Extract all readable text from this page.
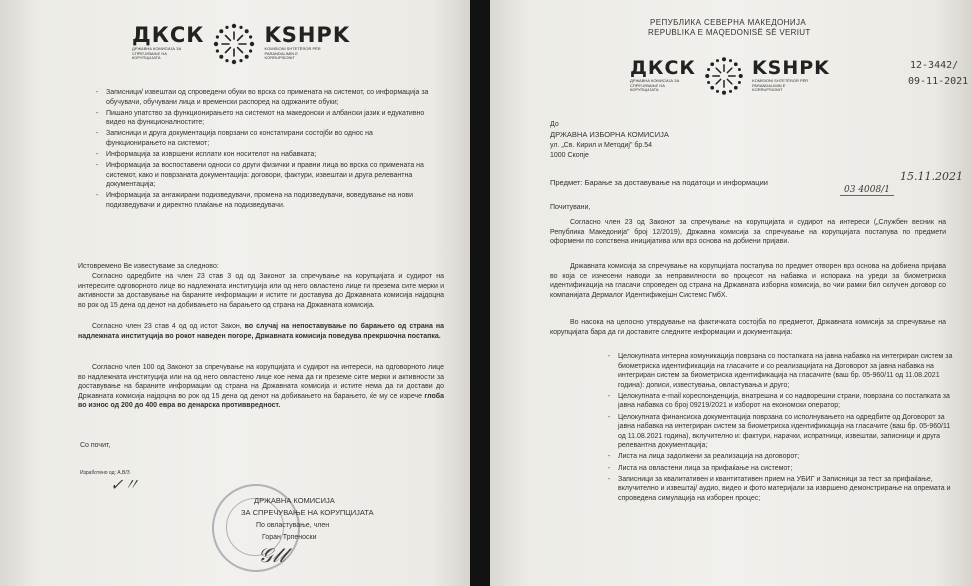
ДКСК
ДРЖАВНА КОМИСИЈА ЗА СПРЕЧУВАЊЕ НА КОРУПЦИЈАТА
KSHPK
KOMISIONI SHTETËROR PËR PARANDALIMIN E KORRUPSIONIT
- Записници/ извештаи од спроведени обуки во врска со примената на системот, со информација за обучувачи, обучувани лица и временски распоред на одржаните обуки;
- Пишано упатство за функционирањето на системот на македонски и албански јазик и едукативно видео на функционалностите;
- Записници и друга документација поврзани со констатирани состојби во однос на функционирањето на системот;
- Информација за извршени исплати кон носителот на набавката;
- Информација за воспоставени односи со други физички и правни лица во врска со примената на системот, како и поврзаната документација: договори, фактури, извештаи и друга релевантна документација;
- Информација за ангажирани подизведувачи, промена на подизведувачи, воведување на нови подизведувачи и директно плаќање на подизведувачи.
Истовремено Ве известуваме за следново:
Согласно одредбите на член 23 став 3 од од Законот за спречување на корупцијата и судирот на интересите одговорното лице во надлежната институција или од него овластено лице ги презема сите мерки и активности за доставување на бараните информации и истите ги доставува до Државната комисија најдоцна во рок од 15 дена од денот на добивањето на барањето од страна на Државната комисија.
Согласно член 23 став 4 од од истот Закон, во случај на непоставување по барањето од страна на надлежната институција во рокот наведен погоре, Државната комисија поведува прекршочна постапка.
Согласно член 100 од Законот за спречување на корупцијата и судирот на интереси, на одговорното лице во надлежната институција или на од него овластено лице кое нема да ги преземе сите мерки и активности за доставување на бараните информации од страна на Државната комисија и истите нема да ги достави до Државната комисија најдоцна во рок од 15 дена од денот на добивањето на барањето, ќе му се изрече глоба во износ од 200 до 400 евра во денарска противвредност.
Со почит,
Изработено од: А.В/З
✓〃
ДРЖАВНА КОМИСИЈА
ЗА СПРЕЧУВАЊЕ НА КОРУПЦИЈАТА
По овластување, член
Горан Трпеноски
𝒢𝓁𝓁
РЕПУБЛИКА СЕВЕРНА МАКЕДОНИЈА
REPUBLIKA E MAQEDONISË SË VERIUT
ДКСК
ДРЖАВНА КОМИСИЈА ЗА СПРЕЧУВАЊЕ НА КОРУПЦИЈАТА
KSHPK
KOMISIONI SHTETËROR PËR PARANDALIMIN E KORRUPSIONIT
12-3442/
09-11-2021
До
ДРЖАВНА ИЗБОРНА КОМИСИЈА
ул. „Св. Кирил и Методиј" бр.54
1000 Скопје
Предмет: Барање за доставување на податоци и информации	15.11.2021
03 4008/1
Почитувани,
Согласно член 23 од Законот за спречување на корупцијата и судирот на интереси („Службен весник на Република Македонија" број 12/2019), Државна комисија за спречување на корупцијата постапува по предмети оформени по сопствена иницијатива или врз основа на добиени пријави.
Државната комисија за спречување на корупцијата постапува по предмет отворен врз основа на добиена пријава во која се изнесени наводи за неправилности во процесот на набавка и испорака на уреди за биометриска идентификација на гласачи спроведен од страна на Државната изборна комисија, во чии рамки бил склучен договор со компанијата Дермалог Идентификејшн Системс ГмбХ.
Во насока на целосно утврдување на фактичката состојба по предметот, Државната комисија за спречување на корупцијата бара да ги доставите следните информации и документација:
- Целокупната интерна комуникација поврзана со постапката на јавна набавка на интегриран систем за биометриска идентификација на гласачите и со реализацијата на Договорот за јавна набавка на интегриран систем за биометриска идентификација на гласачите (ваш бр. 05-960/11 од 11.08.2021 година): дописи, известувања, овластувања и друго;
- Целокупната e-mail кореспонденција, внатрешна и со надворешни страни, поврзана со постапката за јавна набавка со број 09219/2021 и изборот на економски оператор;
- Целокупната финансиска документација поврзана со исполнувањето на одредбите од Договорот за јавна набавка на интегриран систем за биометриска идентификација на гласачите (ваш бр. 05-960/11 од 11.08.2021 година), вклучително и: фактури, нарачки, испратници, извештаи, записници и друга релевантна документација;
- Листа на лица задолжени за реализација на договорот;
- Листа на овластени лица за прифаќање на системот;
- Записници за квалитативен и квантитативен прием на УБИГ и Записници за тест за прифаќање, вклучително и извештај/ аудио, видео и фото материјали за извршено демонстрирање на опремата и спроведена симулација на изборен процес;
